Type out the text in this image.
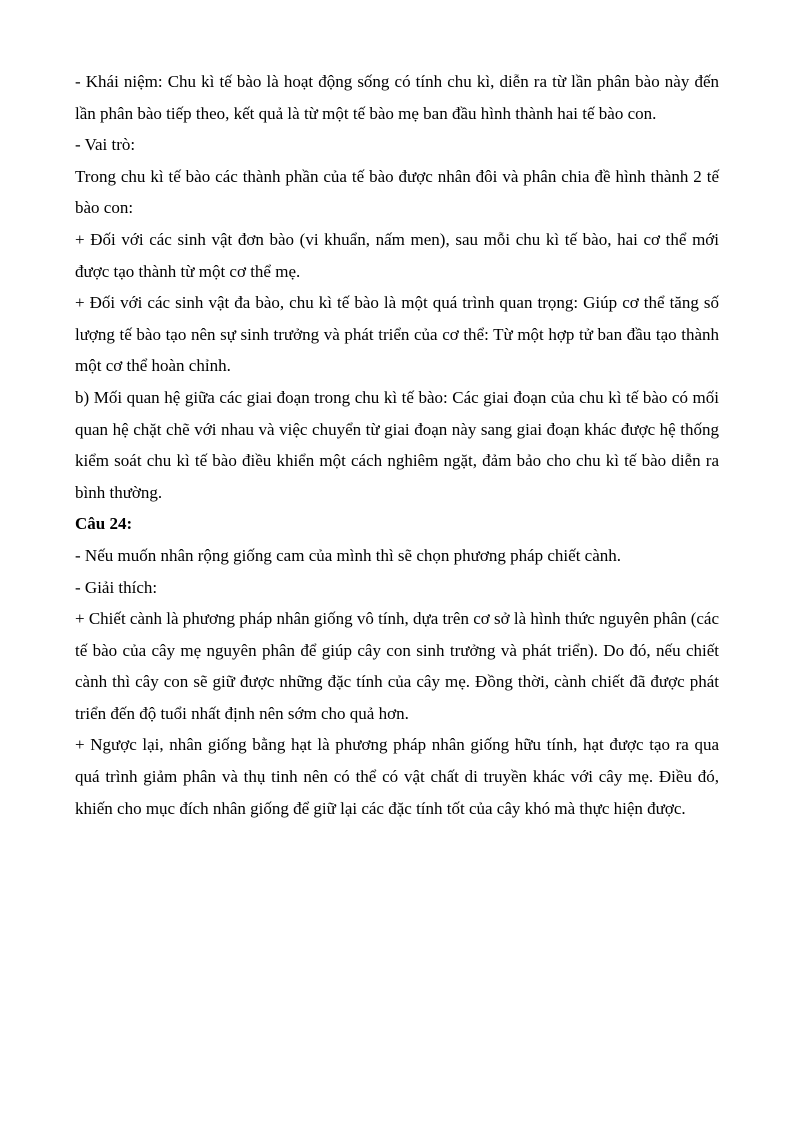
- Khái niệm: Chu kì tế bào là hoạt động sống có tính chu kì, diễn ra từ lần phân bào này đến lần phân bào tiếp theo, kết quả là từ một tế bào mẹ ban đầu hình thành hai tế bào con.

- Vai trò:

Trong chu kì tế bào các thành phần của tế bào được nhân đôi và phân chia đề hình thành 2 tế bào con:

+ Đối với các sinh vật đơn bào (vi khuẩn, nấm men), sau mỗi chu kì tế bào, hai cơ thể mới được tạo thành từ một cơ thể mẹ.

+ Đối với các sinh vật đa bào, chu kì tế bào là một quá trình quan trọng: Giúp cơ thể tăng số lượng tế bào tạo nên sự sinh trưởng và phát triển của cơ thể: Từ một hợp tử ban đầu tạo thành một cơ thể hoàn chỉnh.

b) Mối quan hệ giữa các giai đoạn trong chu kì tế bào: Các giai đoạn của chu kì tế bào có mối quan hệ chặt chẽ với nhau và việc chuyển từ giai đoạn này sang giai đoạn khác được hệ thống kiểm soát chu kì tế bào điều khiển một cách nghiêm ngặt, đảm bảo cho chu kì tế bào diễn ra bình thường.

Câu 24:

- Nếu muốn nhân rộng giống cam của mình thì sẽ chọn phương pháp chiết cành.

- Giải thích:

+ Chiết cành là phương pháp nhân giống vô tính, dựa trên cơ sở là hình thức nguyên phân (các tế bào của cây mẹ nguyên phân để giúp cây con sinh trưởng và phát triển). Do đó, nếu chiết cành thì cây con sẽ giữ được những đặc tính của cây mẹ. Đồng thời, cành chiết đã được phát triển đến độ tuổi nhất định nên sớm cho quả hơn.

+ Ngược lại, nhân giống bằng hạt là phương pháp nhân giống hữu tính, hạt được tạo ra qua quá trình giảm phân và thụ tinh nên có thể có vật chất di truyền khác với cây mẹ. Điều đó, khiến cho mục đích nhân giống để giữ lại các đặc tính tốt của cây khó mà thực hiện được.
